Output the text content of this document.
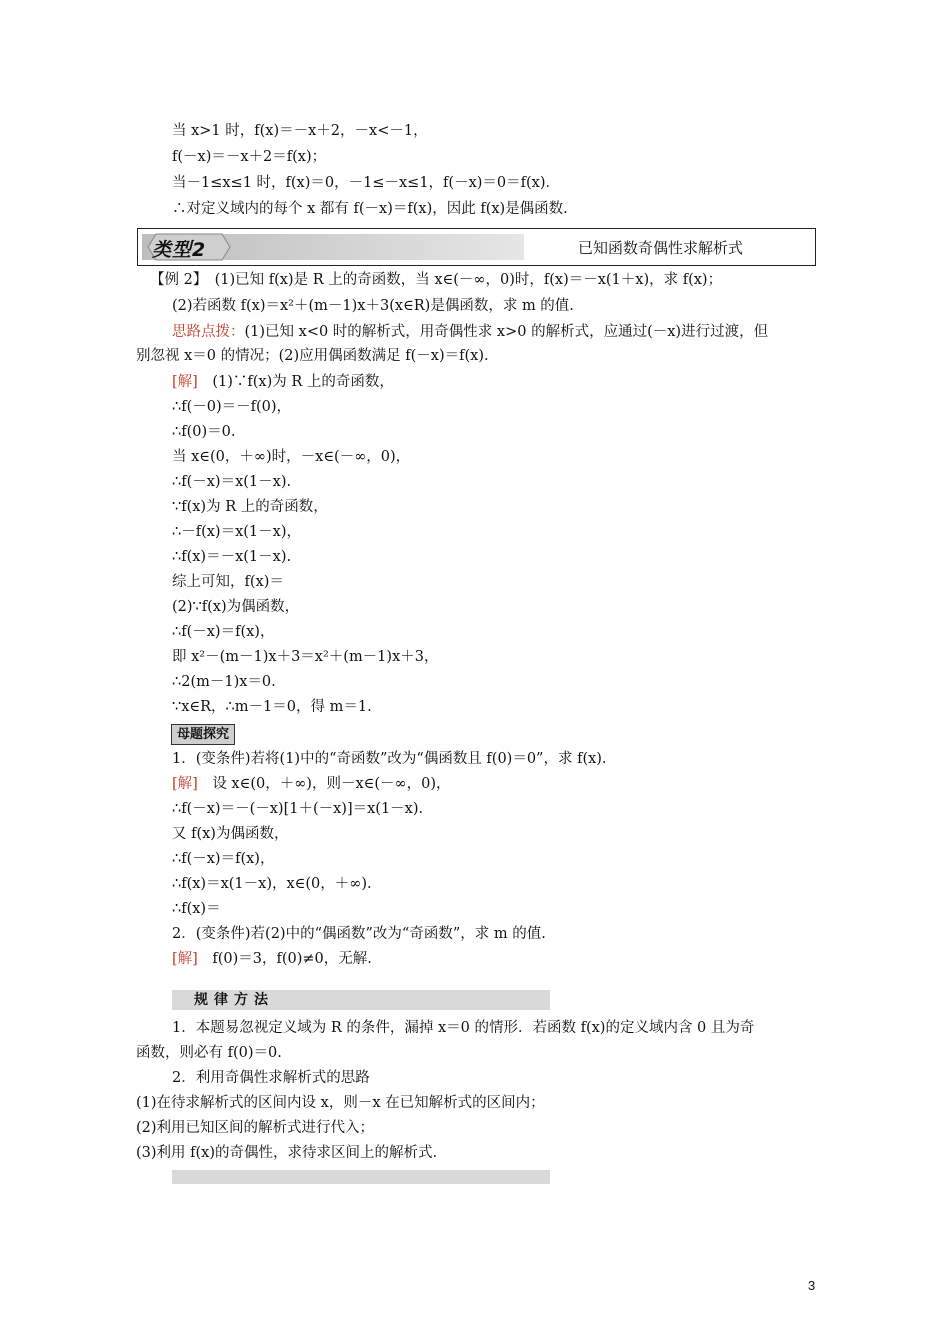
当 x>1 时，f(x)＝－x＋2，－x<－1，
f(－x)＝－x＋2＝f(x)；
当－1≤x≤1 时，f(x)＝0，－1≤－x≤1，f(－x)＝0＝f(x)．
∴对定义域内的每个 x 都有 f(－x)＝f(x)，因此 f(x)是偶函数.
类型2	已知函数奇偶性求解析式
【例 2】　(1)已知 f(x)是 R 上的奇函数，当 x∈(－∞，0)时，f(x)＝－x(1＋x)，求 f(x)；
(2)若函数 f(x)＝x²＋(m－1)x＋3(x∈R)是偶函数，求 m 的值.
思路点拨：(1)已知 x<0 时的解析式，用奇偶性求 x>0 的解析式，应通过(－x)进行过渡，但
别忽视 x＝0 的情况；(2)应用偶函数满足 f(－x)＝f(x).
[解]　(1)∵f(x)为 R 上的奇函数，
∴f(－0)＝－f(0)，
∴f(0)＝0.
当 x∈(0，＋∞)时，－x∈(－∞，0)，
∴f(－x)＝x(1－x).
∵f(x)为 R 上的奇函数，
∴－f(x)＝x(1－x)，
∴f(x)＝－x(1－x).
综上可知，f(x)＝
(2)∵f(x)为偶函数，
∴f(－x)＝f(x)，
即 x²－(m－1)x＋3＝x²＋(m－1)x＋3，
∴2(m－1)x＝0.
∵x∈R，∴m－1＝0，得 m＝1.
母题探究
1．(变条件)若将(1)中的“奇函数”改为“偶函数且 f(0)＝0”，求 f(x).
[解]　设 x∈(0，＋∞)，则－x∈(－∞，0)，
∴f(－x)＝－(－x)[1＋(－x)]＝x(1－x).
又 f(x)为偶函数，
∴f(－x)＝f(x)，
∴f(x)＝x(1－x)，x∈(0，＋∞).
∴f(x)＝
2．(变条件)若(2)中的“偶函数”改为“奇函数”，求 m 的值.
[解]　f(0)＝3，f(0)≠0，无解.
规律方法
1．本题易忽视定义域为 R 的条件，漏掉 x＝0 的情形．若函数 f(x)的定义域内含 0 且为奇
函数，则必有 f(0)＝0.
2．利用奇偶性求解析式的思路
(1)在待求解析式的区间内设 x，则－x 在已知解析式的区间内；
(2)利用已知区间的解析式进行代入；
(3)利用 f(x)的奇偶性，求待求区间上的解析式.
3
